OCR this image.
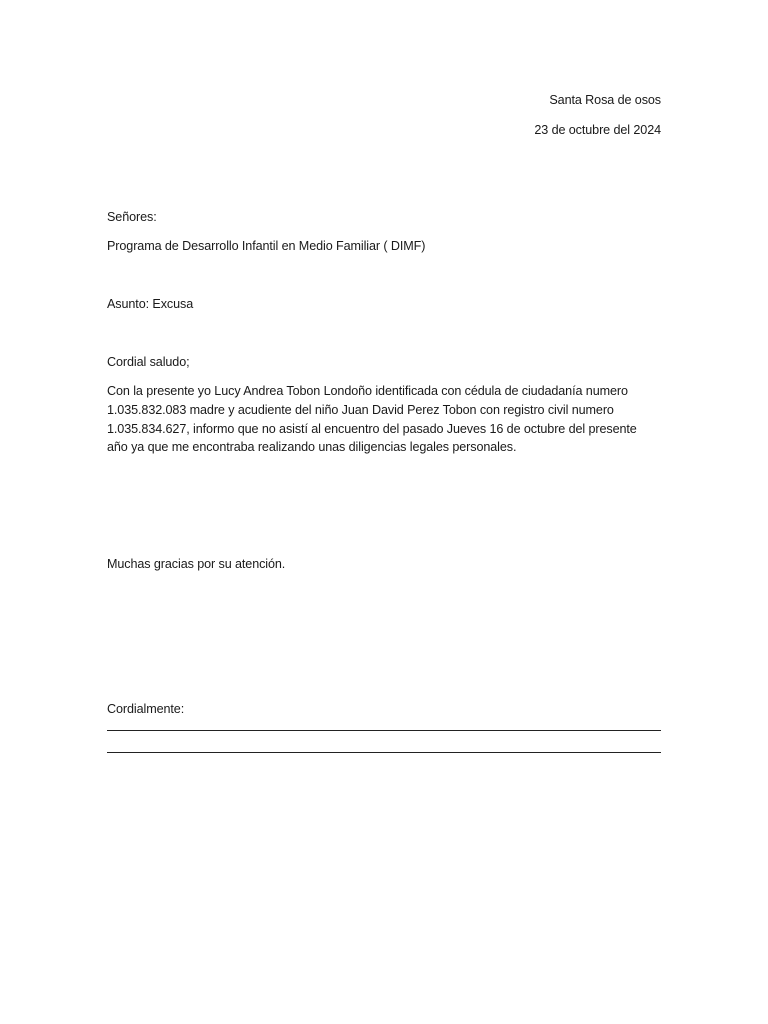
Santa Rosa de osos
23 de octubre del 2024
Señores:
Programa de Desarrollo Infantil en Medio Familiar ( DIMF)
Asunto: Excusa
Cordial saludo;
Con la presente yo Lucy Andrea Tobon Londoño identificada con cédula de ciudadanía numero
1.035.832.083 madre y acudiente del niño Juan David Perez Tobon con registro civil numero
1.035.834.627, informo que no asistí al encuentro del pasado Jueves 16 de octubre del presente
año ya que me encontraba realizando unas diligencias legales personales.
Muchas gracias por su atención.
Cordialmente:
